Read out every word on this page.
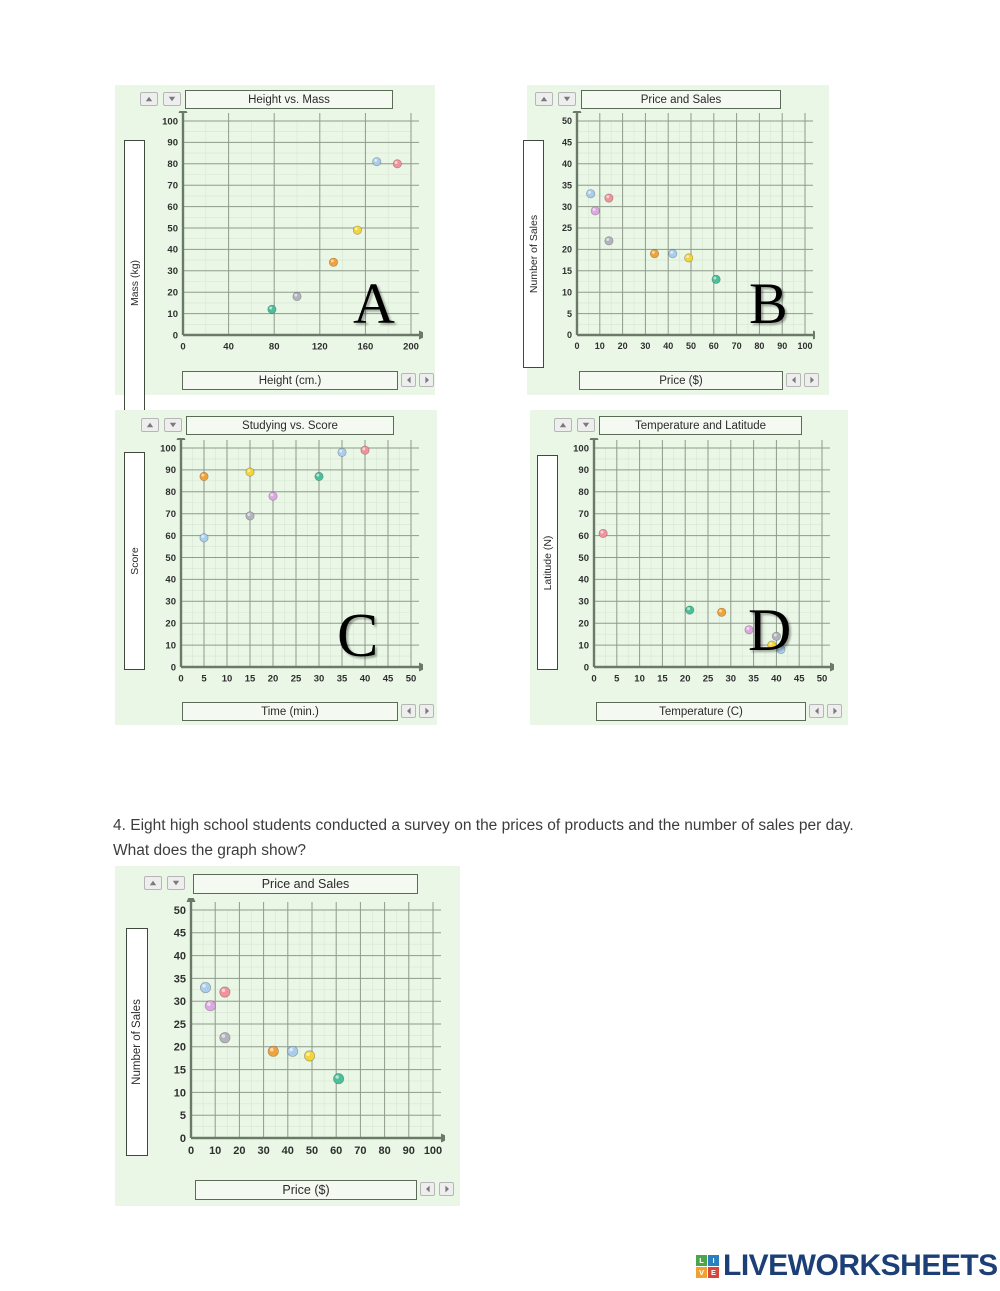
Height vs. Mass
Mass (kg)
0	40	80	120	160	200
0
10
20
30
40
50
60
70
80
90
100
A
Height (cm.)
Price and Sales
Number of Sales
0 10 20 30 40 50 60 70 80 90 100
0
5
10
15
20
25
30
35
40
45
50
B
Price ($)
Studying vs. Score
Score
0 5 10 15 20 25 30 35 40 45 50
0
10
20
30
40
50
60
70
80
90
100
C
Time (min.)
Temperature and Latitude
Latitude (N)
0 5 10 15 20 25 30 35 40 45 50
0
10
20
30
40
50
60
70
80
90
100
D
Temperature (C)
4. Eight high school students conducted a survey on the prices of products and the number of sales per day. What does the graph show?
Price and Sales
Number of Sales
0 10 20 30 40 50 60 70 80 90 100
0
5
10
15
20
25
30
35
40
45
50
Price ($)
L	I
V E LIVEWORKSHEETS
